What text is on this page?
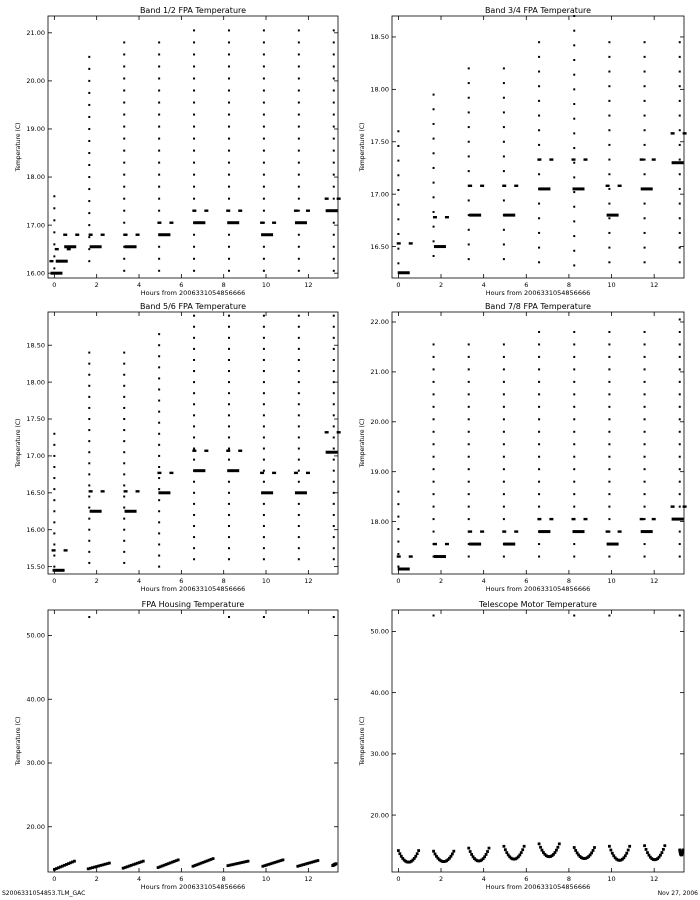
Band 1/2 FPA Temperature
0	2	4	6	8	10	12
16.00
17.00
18.00
19.00
20.00
21.00
Hours from 2006331054856666
Temperature (C)
Band 3/4 FPA Temperature
0	2	4	6	8	10	12
16.50
17.00
17.50
18.00
18.50
Hours from 2006331054856666
Temperature (C)
Band 5/6 FPA Temperature
0	2	4	6	8	10	12
15.50
16.00
16.50
17.00
17.50
18.00
18.50
Hours from 2006331054856666
Temperature (C)
Band 7/8 FPA Temperature
0	2	4	6	8	10	12
18.00
19.00
20.00
21.00
22.00
Hours from 2006331054856666
Temperature (C)
FPA Housing Temperature
0	2	4	6	8	10	12
20.00
30.00
40.00
50.00
Hours from 2006331054856666
Temperature (C)
Telescope Motor Temperature
0	2	4	6	8	10	12
20.00
30.00
40.00
50.00
Hours from 2006331054856666
Temperature (C)
S2006331054853.TLM_GAC	Nov 27, 2006
